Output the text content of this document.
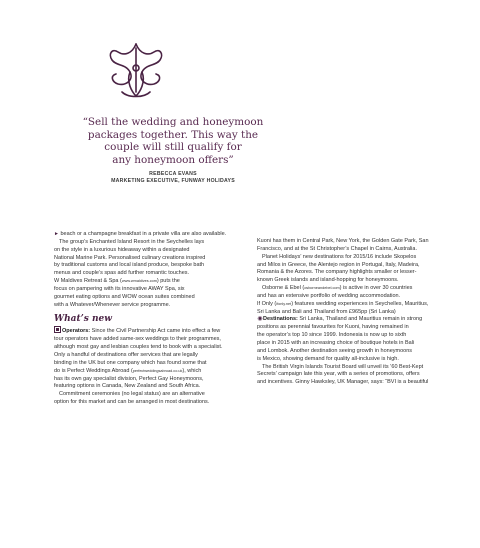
“Sell the wedding and honeymoon
packages together. This way the
couple will still qualify for
any honeymoon offers”
REBECCA EVANS
MARKETING EXECUTIVE, FUNWAY HOLIDAYS

► beach or a champagne breakfast in a private villa are also available.

The group’s Enchanted Island Resort in the Seychelles lays

on the style in a luxurious hideaway within a designated

National Marine Park. Personalised culinary creations inspired

by traditional customs and local island produce, bespoke bath

menus and couple’s spas add further romantic touches.

W Maldives Retreat & Spa (www.wmaldives.com) puts the

focus on pampering with its innovative AWAY Spa, six

gourmet eating options and WOW ocean suites combined

with a Whatever/Whenever service programme.

What’s new

Operators: Since the Civil Partnership Act came into effect a few

tour operators have added same-sex weddings to their programmes,

although most gay and lesbian couples tend to book with a specialist.

Only a handful of destinations offer services that are legally

binding in the UK but one company which has found some that

do is Perfect Weddings Abroad (perfectweddingsabroad.co.uk), which

has its own gay specialist division, Perfect Gay Honeymoons,

featuring options in Canada, New Zealand and South Africa.

Commitment ceremonies (no legal status) are an alternative

option for this market and can be arranged in most destinations.

Kuoni has them in Central Park, New York, the Golden Gate Park, San

Francisco, and at the St Christopher’s Chapel in Cairns, Australia.

Planet Holidays’ new destinations for 2015/16 include Skopelos

and Milos in Greece, the Alentejo region in Portugal, Italy, Madeira,

Romania & the Azores. The company highlights smaller or lesser-

known Greek islands and island-hopping for honeymoons.

Osborne & Ebel (osborneandebel.com) is active in over 30 countries

and has an extensive portfolio of wedding accommodation.

If Only (ifonly.net) features wedding experiences in Seychelles, Mauritius,

Sri Lanka and Bali and Thailand from £965pp (Sri Lanka)

◉Destinations: Sri Lanka, Thailand and Mauritius remain in strong

positions as perennial favourites for Kuoni, having remained in

the operator’s top 10 since 1999. Indonesia is now up to sixth

place in 2015 with an increasing choice of boutique hotels in Bali

and Lombok. Another destination seeing growth in honeymoons

is Mexico, showing demand for quality all-inclusive is high.

The British Virgin Islands Tourist Board will unveil its ’60 Best-Kept

Secrets’ campaign late this year, with a series of promotions, offers

and incentives. Ginny Hawksley, UK Manager, says: “BVI is a beautiful
